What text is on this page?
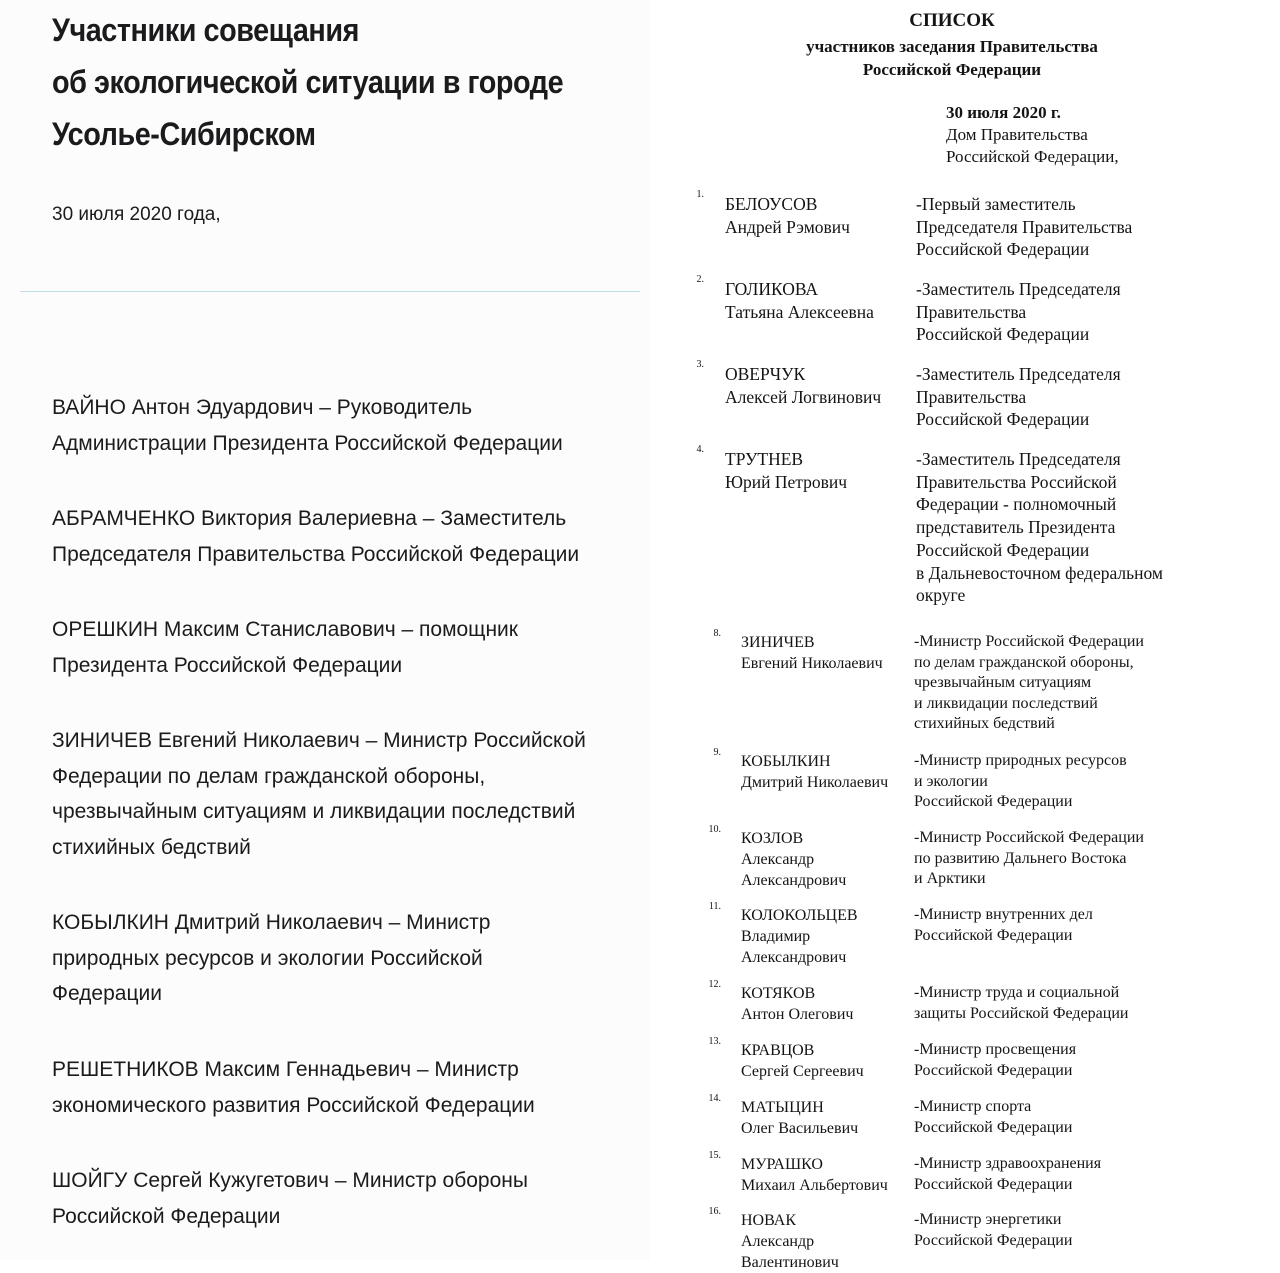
Участники совещания
об экологической ситуации в городе
Усолье-Сибирском
30 июля 2020 года,
ВАЙНО Антон Эдуардович – Руководитель
Администрации Президента Российской Федерации
АБРАМЧЕНКО Виктория Валериевна – Заместитель
Председателя Правительства Российской Федерации
ОРЕШКИН Максим Станиславович – помощник
Президента Российской Федерации
ЗИНИЧЕВ Евгений Николаевич – Министр Российской
Федерации по делам гражданской обороны,
чрезвычайным ситуациям и ликвидации последствий
стихийных бедствий
КОБЫЛКИН Дмитрий Николаевич – Министр
природных ресурсов и экологии Российской
Федерации
РЕШЕТНИКОВ Максим Геннадьевич – Министр
экономического развития Российской Федерации
ШОЙГУ Сергей Кужугетович – Министр обороны
Российской Федерации
СПИСОК
участников заседания Правительства
Российской Федерации
30 июля 2020 г.
Дом Правительства
Российской Федерации,
1. БЕЛОУСОВ
Андрей Рэмович
-Первый заместитель
Председателя Правительства
Российской Федерации
2. ГОЛИКОВА
Татьяна Алексеевна
-Заместитель Председателя
Правительства
Российской Федерации
3. ОВЕРЧУК
Алексей Логвинович
-Заместитель Председателя
Правительства
Российской Федерации
4. ТРУТНЕВ
Юрий Петрович
-Заместитель Председателя
Правительства Российской
Федерации - полномочный
представитель Президента
Российской Федерации
в Дальневосточном федеральном
округе
8.
ЗИНИЧЕВ
Евгений Николаевич
-Министр Российской Федерации
по делам гражданской обороны,
чрезвычайным ситуациям
и ликвидации последствий
стихийных бедствий
9.
КОБЫЛКИН
Дмитрий Николаевич
-Министр природных ресурсов
и экологии
Российской Федерации
10.
КОЗЛОВ
Александр
Александрович
-Министр Российской Федерации
по развитию Дальнего Востока
и Арктики
11.
КОЛОКОЛЬЦЕВ
Владимир
Александрович
-Министр внутренних дел
Российской Федерации
12.
КОТЯКОВ
Антон Олегович
-Министр труда и социальной
защиты Российской Федерации
13.
КРАВЦОВ
Сергей Сергеевич
-Министр просвещения
Российской Федерации
14.
МАТЫЦИН
Олег Васильевич
-Министр спорта
Российской Федерации
15.
МУРАШКО
Михаил Альбертович
-Министр здравоохранения
Российской Федерации
16.
НОВАК
Александр
Валентинович
-Министр энергетики
Российской Федерации
